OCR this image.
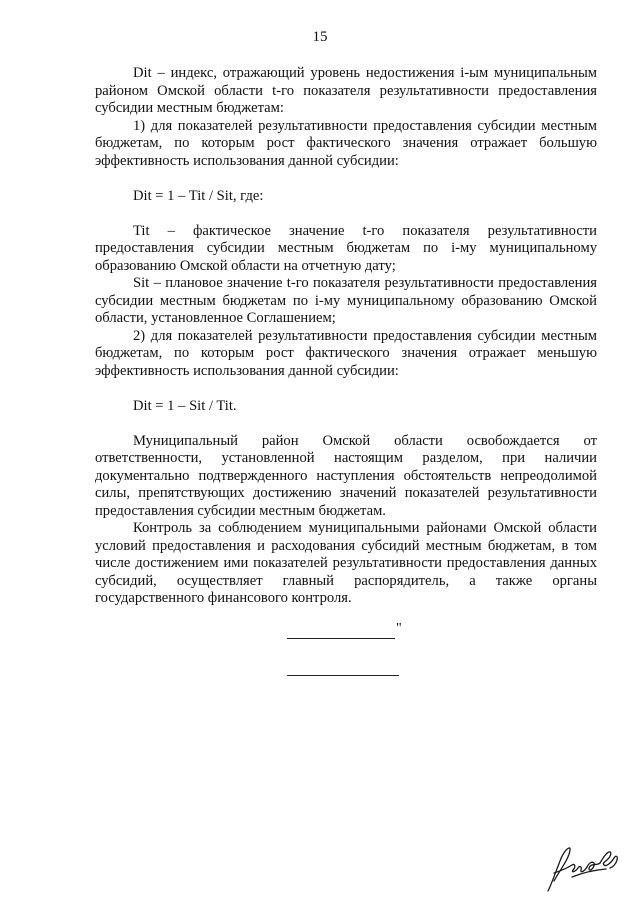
15

Dit – индекс, отражающий уровень недостижения i-ым муниципальным районом Омской области t-го показателя результативности предоставления субсидии местным бюджетам:

1) для показателей результативности предоставления субсидии местным бюджетам, по которым рост фактического значения отражает большую эффективность использования данной субсидии:

Dit = 1 – Tit / Sit, где:

Tit – фактическое значение t-го показателя результативности предоставления субсидии местным бюджетам по i-му муниципальному образованию Омской области на отчетную дату;

Sit – плановое значение t-го показателя результативности предоставления субсидии местным бюджетам по i-му муниципальному образованию Омской области, установленное Соглашением;

2) для показателей результативности предоставления субсидии местным бюджетам, по которым рост фактического значения отражает меньшую эффективность использования данной субсидии:

Dit = 1 – Sit / Tit.

Муниципальный район Омской области освобождается от ответственности, установленной настоящим разделом, при наличии документально подтвержденного наступления обстоятельств непреодолимой силы, препятствующих достижению значений показателей результативности предоставления субсидии местным бюджетам.

Контроль за соблюдением муниципальными районами Омской области условий предоставления и расходования субсидий местным бюджетам, в том числе достижением ими показателей результативности предоставления данных субсидий, осуществляет главный распорядитель, а также органы государственного финансового контроля.

"
